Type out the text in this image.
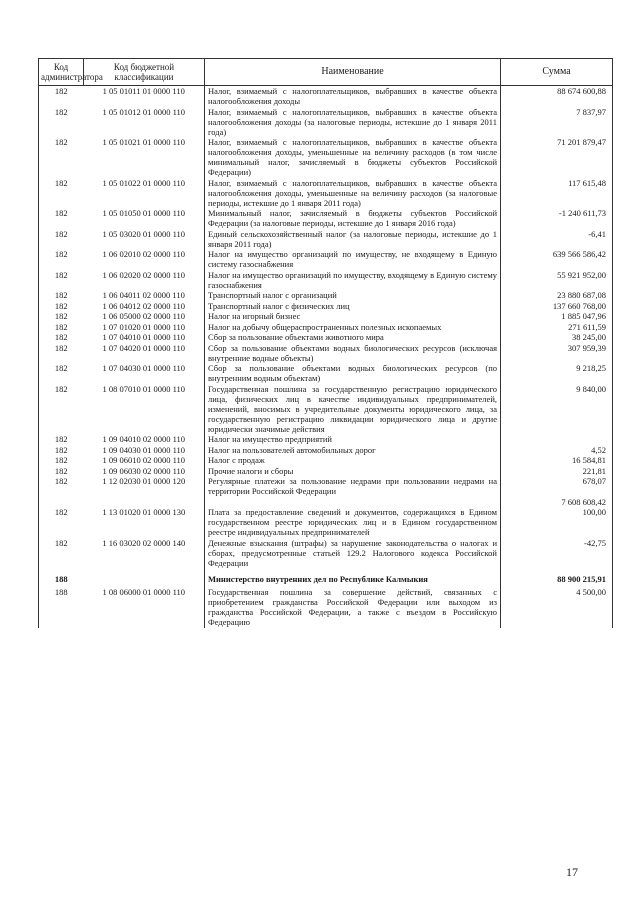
Код администратора	Код бюджетной классификации	Наименование	Сумма
182	1 05 01011 01 0000 110	Налог, взимаемый с налогоплательщиков, выбравших в качестве объекта налогообложения доходы	88 674 600,88
182	1 05 01012 01 0000 110	Налог, взимаемый с налогоплательщиков, выбравших в качестве объекта налогообложения доходы (за налоговые периоды, истекшие до 1 января 2011 года)	7 837,97
182	1 05 01021 01 0000 110	Налог, взимаемый с налогоплательщиков, выбравших в качестве объекта налогообложения доходы, уменьшенные на величину расходов (в том числе минимальный налог, зачисляемый в бюджеты субъектов Российской Федерации)	71 201 879,47
182	1 05 01022 01 0000 110	Налог, взимаемый с налогоплательщиков, выбравших в качестве объекта налогообложения доходы, уменьшенные на величину расходов (за налоговые периоды, истекшие до 1 января 2011 года)	117 615,48
182	1 05 01050 01 0000 110	Минимальный налог, зачисляемый в бюджеты субъектов Российской Федерации (за налоговые периоды, истекшие до 1 января 2016 года)	-1 240 611,73
182	1 05 03020 01 0000 110	Единый сельскохозяйственный налог (за налоговые периоды, истекшие до 1 января 2011 года)	-6,41
182	1 06 02010 02 0000 110	Налог на имущество организаций по имуществу, не входящему в Единую систему газоснабжения	639 566 586,42
182	1 06 02020 02 0000 110	Налог на имущество организаций по имуществу, входящему в Единую систему газоснабжения	55 921 952,00
182	1 06 04011 02 0000 110	Транспортный налог с организаций	23 880 687,08
182	1 06 04012 02 0000 110	Транспортный налог с физических лиц	137 660 768,00
182	1 06 05000 02 0000 110	Налог на игорный бизнес	1 885 047,96
182	1 07 01020 01 0000 110	Налог на добычу общераспространенных полезных ископаемых	271 611,59
182	1 07 04010 01 0000 110	Сбор за пользование объектами животного мира	38 245,00
182	1 07 04020 01 0000 110	Сбор за пользование объектами водных биологических ресурсов (исключая внутренние водные объекты)	307 959,39
182	1 07 04030 01 0000 110	Сбор за пользование объектами водных биологических ресурсов (по внутренним водным объектам)	9 218,25
182	1 08 07010 01 0000 110	Государственная пошлина за государственную регистрацию юридического лица, физических лиц в качестве индивидуальных предпринимателей, изменений, вносимых в учредительные документы юридического лица, за государственную регистрацию ликвидации юридического лица и другие юридически значимые действия	9 840,00
182	1 09 04010 02 0000 110	Налог на имущество предприятий	
182	1 09 04030 01 0000 110	Налог на пользователей автомобильных дорог	4,52
182	1 09 06010 02 0000 110	Налог с продаж	16 584,81
182	1 09 06030 02 0000 110	Прочие налоги и сборы	221,81
182	1 12 02030 01 0000 120	Регулярные платежи за пользование недрами при пользовании недрами на территории Российской Федерации	678,07
			7 608 608,42
182	1 13 01020 01 0000 130	Плата за предоставление сведений и документов, содержащихся в Едином государственном реестре юридических лиц и в Едином государственном реестре индивидуальных предпринимателей	100,00
182	1 16 03020 02 0000 140	Денежные взыскания (штрафы) за нарушение законодательства о налогах и сборах, предусмотренные статьей 129.2 Налогового кодекса Российской Федерации	-42,75
188		Министерство внутренних дел по Республике Калмыкия	88 900 215,91
188	1 08 06000 01 0000 110	Государственная пошлина за совершение действий, связанных с приобретением гражданства Российской Федерации или выходом из гражданства Российской Федерации, а также с въездом в Российскую Федерацию	4 500,00
17
